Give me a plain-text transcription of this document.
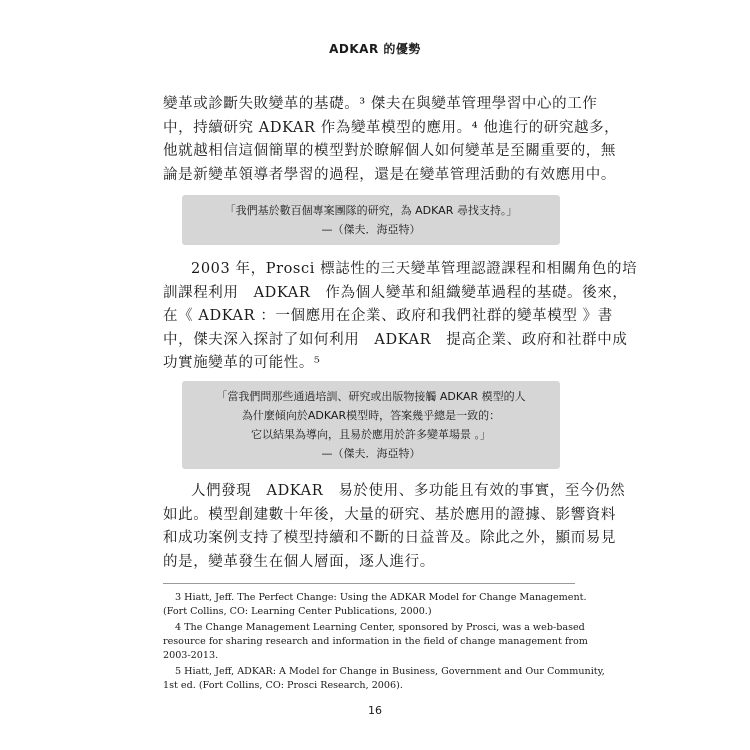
ADKAR 的優勢
變革或診斷失敗變革的基礎。³ 傑夫在與變革管理學習中心的工作
中，持續研究 ADKAR 作為變革模型的應用。⁴ 他進行的研究越多，
他就越相信這個簡單的模型對於瞭解個人如何變革是至關重要的，無
論是新變革領導者學習的過程，還是在變革管理活動的有效應用中。
「我們基於數百個專案團隊的研究，為 ADKAR 尋找支持。」
—（傑夫．海亞特）
2003 年，Prosci 標誌性的三天變革管理認證課程和相關角色的培
訓課程利用　ADKAR　作為個人變革和組織變革過程的基礎。後來，
在《 ADKAR ：一個應用在企業、政府和我們社群的變革模型 》書
中，傑夫深入探討了如何利用　ADKAR　提高企業、政府和社群中成
功實施變革的可能性。⁵
「當我們問那些通過培訓、研究或出版物接觸 ADKAR 模型的人
為什麼傾向於ADKAR模型時，答案幾乎總是一致的：
它以結果為導向，且易於應用於許多變革場景 。」
—（傑夫．海亞特）
人們發現　ADKAR　易於使用、多功能且有效的事實，至今仍然
如此。模型創建數十年後，大量的研究、基於應用的證據、影響資料
和成功案例支持了模型持續和不斷的日益普及。除此之外，顯而易見
的是，變革發生在個人層面，逐人進行。
3 Hiatt, Jeff. The Perfect Change: Using the ADKAR Model for Change Management.
(Fort Collins, CO: Learning Center Publications, 2000.)
4 The Change Management Learning Center, sponsored by Prosci, was a web-based
resource for sharing research and information in the field of change management from
2003-2013.
5 Hiatt, Jeff, ADKAR: A Model for Change in Business, Government and Our Community,
1st ed. (Fort Collins, CO: Prosci Research, 2006).
16
